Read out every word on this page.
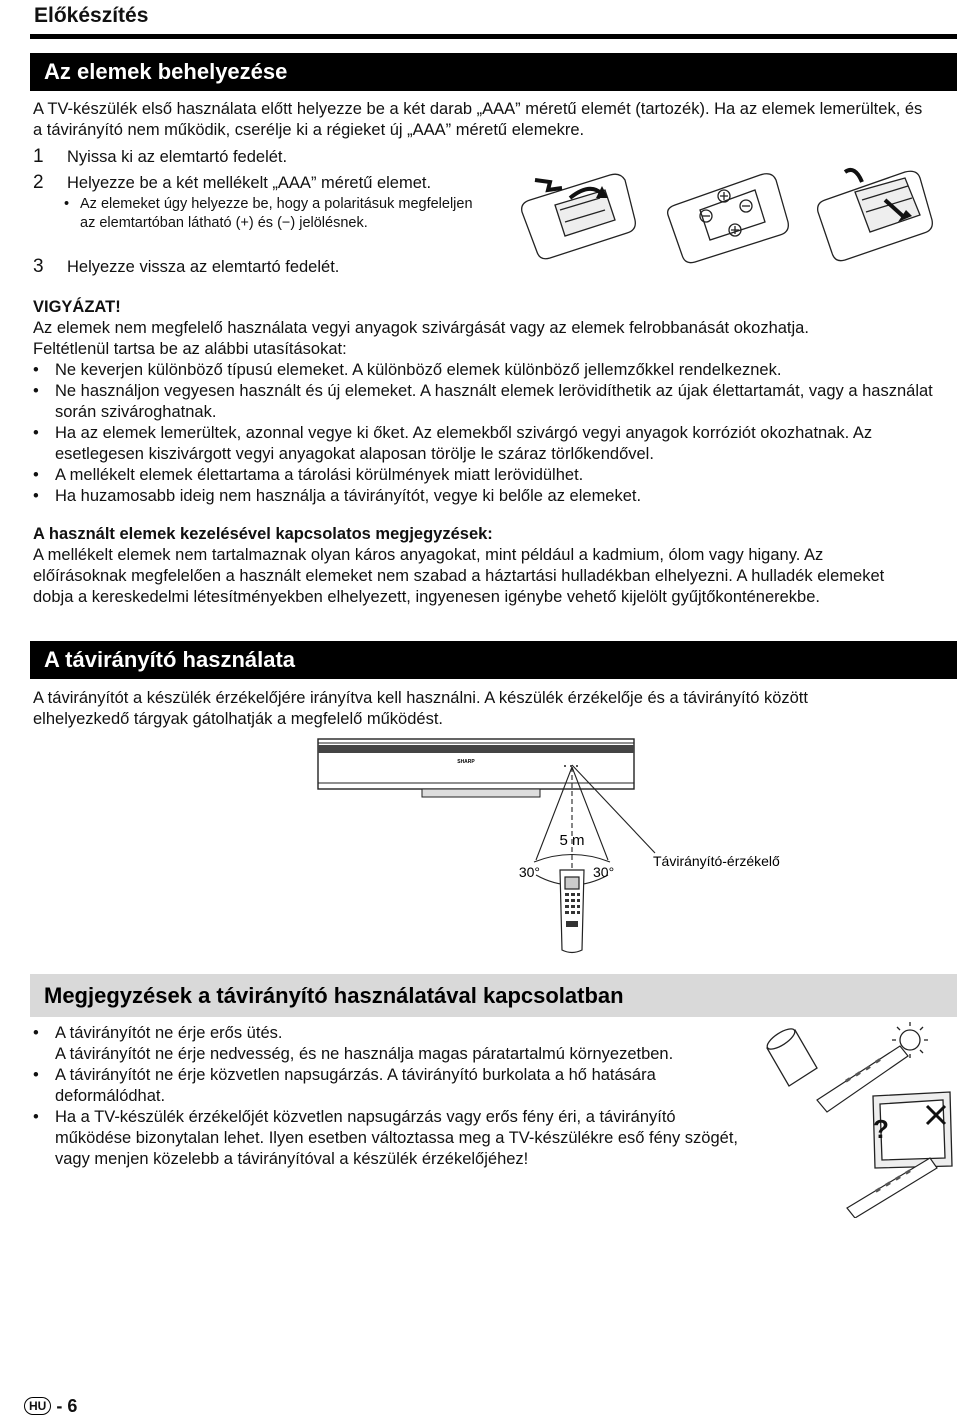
Előkészítés
Az elemek behelyezése

A TV-készülék első használata előtt helyezze be a két darab „AAA” méretű elemét (tartozék). Ha az elemek lemerültek, és a távirányító nem működik, cserélje ki a régieket új „AAA” méretű elemekre.

1 Nyissa ki az elemtartó fedelét.
2 Helyezze be a két mellékelt „AAA” méretű elemet.
• Az elemeket úgy helyezze be, hogy a polaritásuk megfeleljen az elemtartóban látható (+) és (−) jelölésnek.
3 Helyezze vissza az elemtartó fedelét.
VIGYÁZAT!
Az elemek nem megfelelő használata vegyi anyagok szivárgását vagy az elemek felrobbanását okozhatja.
Feltétlenül tartsa be az alábbi utasításokat:
• Ne keverjen különböző típusú elemeket. A különböző elemek különböző jellemzőkkel rendelkeznek.
• Ne használjon vegyesen használt és új elemeket. A használt elemek lerövidíthetik az újak élettartamát, vagy a használat során szivároghatnak.
• Ha az elemek lemerültek, azonnal vegye ki őket. Az elemekből szivárgó vegyi anyagok korróziót okozhatnak. Az esetlegesen kiszivárgott vegyi anyagokat alaposan törölje le száraz törlőkendővel.
• A mellékelt elemek élettartama a tárolási körülmények miatt lerövidülhet.
• Ha huzamosabb ideig nem használja a távirányítót, vegye ki belőle az elemeket.
A használt elemek kezelésével kapcsolatos megjegyzések:

A mellékelt elemek nem tartalmaznak olyan káros anyagokat, mint például a kadmium, ólom vagy higany. Az előírásoknak megfelelően a használt elemeket nem szabad a háztartási hulladékban elhelyezni. A hulladék elemeket dobja a kereskedelmi létesítményekben elhelyezett, ingyenesen igénybe vehető kijelölt gyűjtőkonténerekbe.

A távirányító használata

A távirányítót a készülék érzékelőjére irányítva kell használni. A készülék érzékelője és a távirányító között elhelyezkedő tárgyak gátolhatják a megfelelő működést.

SHARP
5 m
30°	30°
Távirányító-érzékelő
Megjegyzések a távirányító használatával kapcsolatban
• A távirányítót ne érje erős ütés.
A távirányítót ne érje nedvesség, és ne használja magas páratartalmú környezetben.
• A távirányítót ne érje közvetlen napsugárzás. A távirányító burkolata a hő hatására deformálódhat.
• Ha a TV-készülék érzékelőjét közvetlen napsugárzás vagy erős fény éri, a távirányító működése bizonytalan lehet. Ilyen esetben változtassa meg a TV-készülékre eső fény szögét, vagy menjen közelebb a távirányítóval a készülék érzékelőjéhez!
?
HU - 6
